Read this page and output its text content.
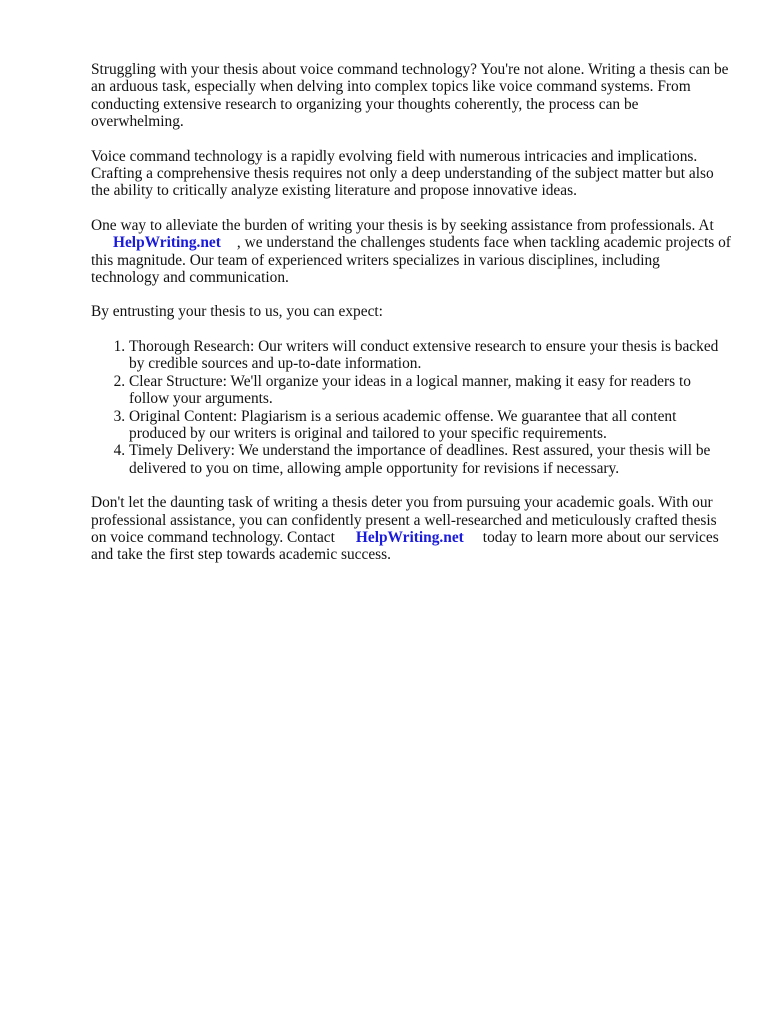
Struggling with your thesis about voice command technology? You're not alone. Writing a thesis can be an arduous task, especially when delving into complex topics like voice command systems. From conducting extensive research to organizing your thoughts coherently, the process can be overwhelming.

Voice command technology is a rapidly evolving field with numerous intricacies and implications. Crafting a comprehensive thesis requires not only a deep understanding of the subject matter but also the ability to critically analyze existing literature and propose innovative ideas.

One way to alleviate the burden of writing your thesis is by seeking assistance from professionals. At
HelpWriting.net , we understand the challenges students face when tackling academic projects of this magnitude. Our team of experienced writers specializes in various disciplines, including technology and communication.

By entrusting your thesis to us, you can expect:

1. Thorough Research: Our writers will conduct extensive research to ensure your thesis is backed by credible sources and up-to-date information.
2. Clear Structure: We'll organize your ideas in a logical manner, making it easy for readers to follow your arguments.
3. Original Content: Plagiarism is a serious academic offense. We guarantee that all content produced by our writers is original and tailored to your specific requirements.
4. Timely Delivery: We understand the importance of deadlines. Rest assured, your thesis will be delivered to you on time, allowing ample opportunity for revisions if necessary.

Don't let the daunting task of writing a thesis deter you from pursuing your academic goals. With our professional assistance, you can confidently present a well-researched and meticulously crafted thesis on voice command technology. Contact HelpWriting.net today to learn more about our services and take the first step towards academic success.
